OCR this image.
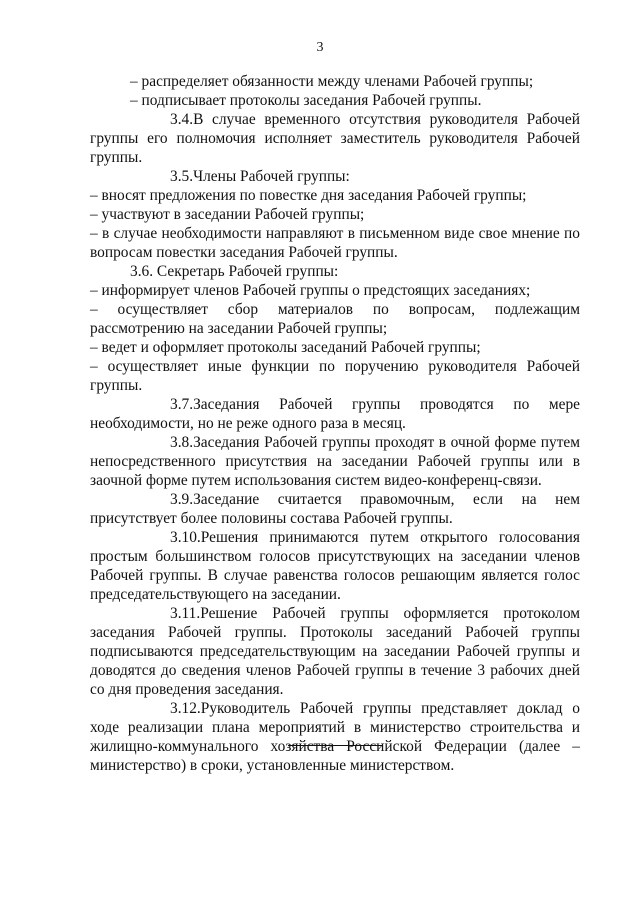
3

– распределяет обязанности между членами Рабочей группы;

– подписывает протоколы заседания Рабочей группы.

3.4.В случае временного отсутствия руководителя Рабочей группы его полномочия исполняет заместитель руководителя Рабочей группы.

3.5.Члены Рабочей группы:

– вносят предложения по повестке дня заседания Рабочей группы;

– участвуют в заседании Рабочей группы;

– в случае необходимости направляют в письменном виде свое мнение по вопросам повестки заседания Рабочей группы.

3.6. Секретарь Рабочей группы:

– информирует членов Рабочей группы о предстоящих заседаниях;

– осуществляет сбор материалов по вопросам, подлежащим рассмотрению на заседании Рабочей группы;

– ведет и оформляет протоколы заседаний Рабочей группы;

– осуществляет иные функции по поручению руководителя Рабочей группы.

3.7.Заседания Рабочей группы проводятся по мере необходимости, но не реже одного раза в месяц.

3.8.Заседания Рабочей группы проходят в очной форме путем непосредственного присутствия на заседании Рабочей группы или в заочной форме путем использования систем видео-конференц-связи.

3.9.Заседание считается правомочным, если на нем присутствует более половины состава Рабочей группы.

3.10.Решения принимаются путем открытого голосования простым большинством голосов присутствующих на заседании членов Рабочей группы. В случае равенства голосов решающим является голос председательствующего на заседании.

3.11.Решение Рабочей группы оформляется протоколом заседания Рабочей группы. Протоколы заседаний Рабочей группы подписываются председательствующим на заседании Рабочей группы и доводятся до сведения членов Рабочей группы в течение 3 рабочих дней со дня проведения заседания.

3.12.Руководитель Рабочей группы представляет доклад о ходе реализации плана мероприятий в министерство строительства и жилищно-коммунального хозяйства Российской Федерации (далее – министерство) в сроки, установленные министерством.
